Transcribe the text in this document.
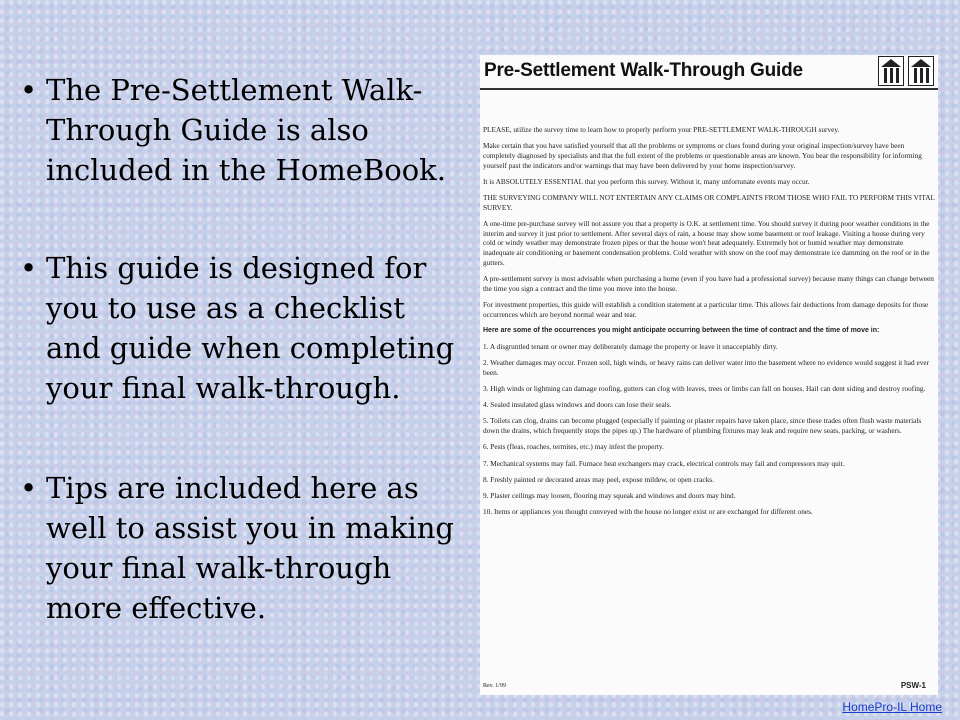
• The Pre-Settlement Walk-Through Guide is also included in the HomeBook.
• This guide is designed for you to use as a checklist and guide when completing your final walk-through.
• Tips are included here as well to assist you in making your final walk-through more effective.
Pre-Settlement Walk-Through Guide

PLEASE, utilize the survey time to learn how to properly perform your PRE-SETTLEMENT WALK-THROUGH survey.

Make certain that you have satisfied yourself that all the problems or symptoms or clues found during your original inspection/survey have been completely diagnosed by specialists and that the full extent of the problems or questionable areas are known. You bear the responsibility for informing yourself past the indicators and/or warnings that may have been delivered by your home inspection/survey.

It is ABSOLUTELY ESSENTIAL that you perform this survey. Without it, many unfortunate events may occur.

THE SURVEYING COMPANY WILL NOT ENTERTAIN ANY CLAIMS OR COMPLAINTS FROM THOSE WHO FAIL TO PERFORM THIS VITAL SURVEY.

A one-time pre-purchase survey will not assure you that a property is O.K. at settlement time. You should survey it during poor weather conditions in the interim and survey it just prior to settlement. After several days of rain, a house may show some basement or roof leakage. Visiting a house during very cold or windy weather may demonstrate frozen pipes or that the house won't heat adequately. Extremely hot or humid weather may demonstrate inadequate air conditioning or basement condensation problems. Cold weather with snow on the roof may demonstrate ice damming on the roof or in the gutters.

A pre-settlement survey is most advisable when purchasing a home (even if you have had a professional survey) because many things can change between the time you sign a contract and the time you move into the house.

For investment properties, this guide will establish a condition statement at a particular time. This allows fair deductions from damage deposits for those occurrences which are beyond normal wear and tear.

Here are some of the occurrences you might anticipate occurring between the time of contract and the time of move in:

1. A disgruntled tenant or owner may deliberately damage the property or leave it unacceptably dirty.

2. Weather damages may occur. Frozen soil, high winds, or heavy rains can deliver water into the basement where no evidence would suggest it had ever been.

3. High winds or lightning can damage roofing, gutters can clog with leaves, trees or limbs can fall on houses. Hail can dent siding and destroy roofing.

4. Sealed insulated glass windows and doors can lose their seals.

5. Toilets can clog, drains can become plugged (especially if painting or plaster repairs have taken place, since these trades often flush waste materials down the drains, which frequently stops the pipes up.) The hardware of plumbing fixtures may leak and require new seats, packing, or washers.

6. Pests (fleas, roaches, termites, etc.) may infest the property.

7. Mechanical systems may fail. Furnace heat exchangers may crack, electrical controls may fail and compressors may quit.

8. Freshly painted or decorated areas may peel, expose mildew, or open cracks.

9. Plaster ceilings may loosen, flooring may squeak and windows and doors may bind.

10. Items or appliances you thought conveyed with the house no longer exist or are exchanged for different ones.

Rev. 1/99	PSW-1
HomePro-IL Home
